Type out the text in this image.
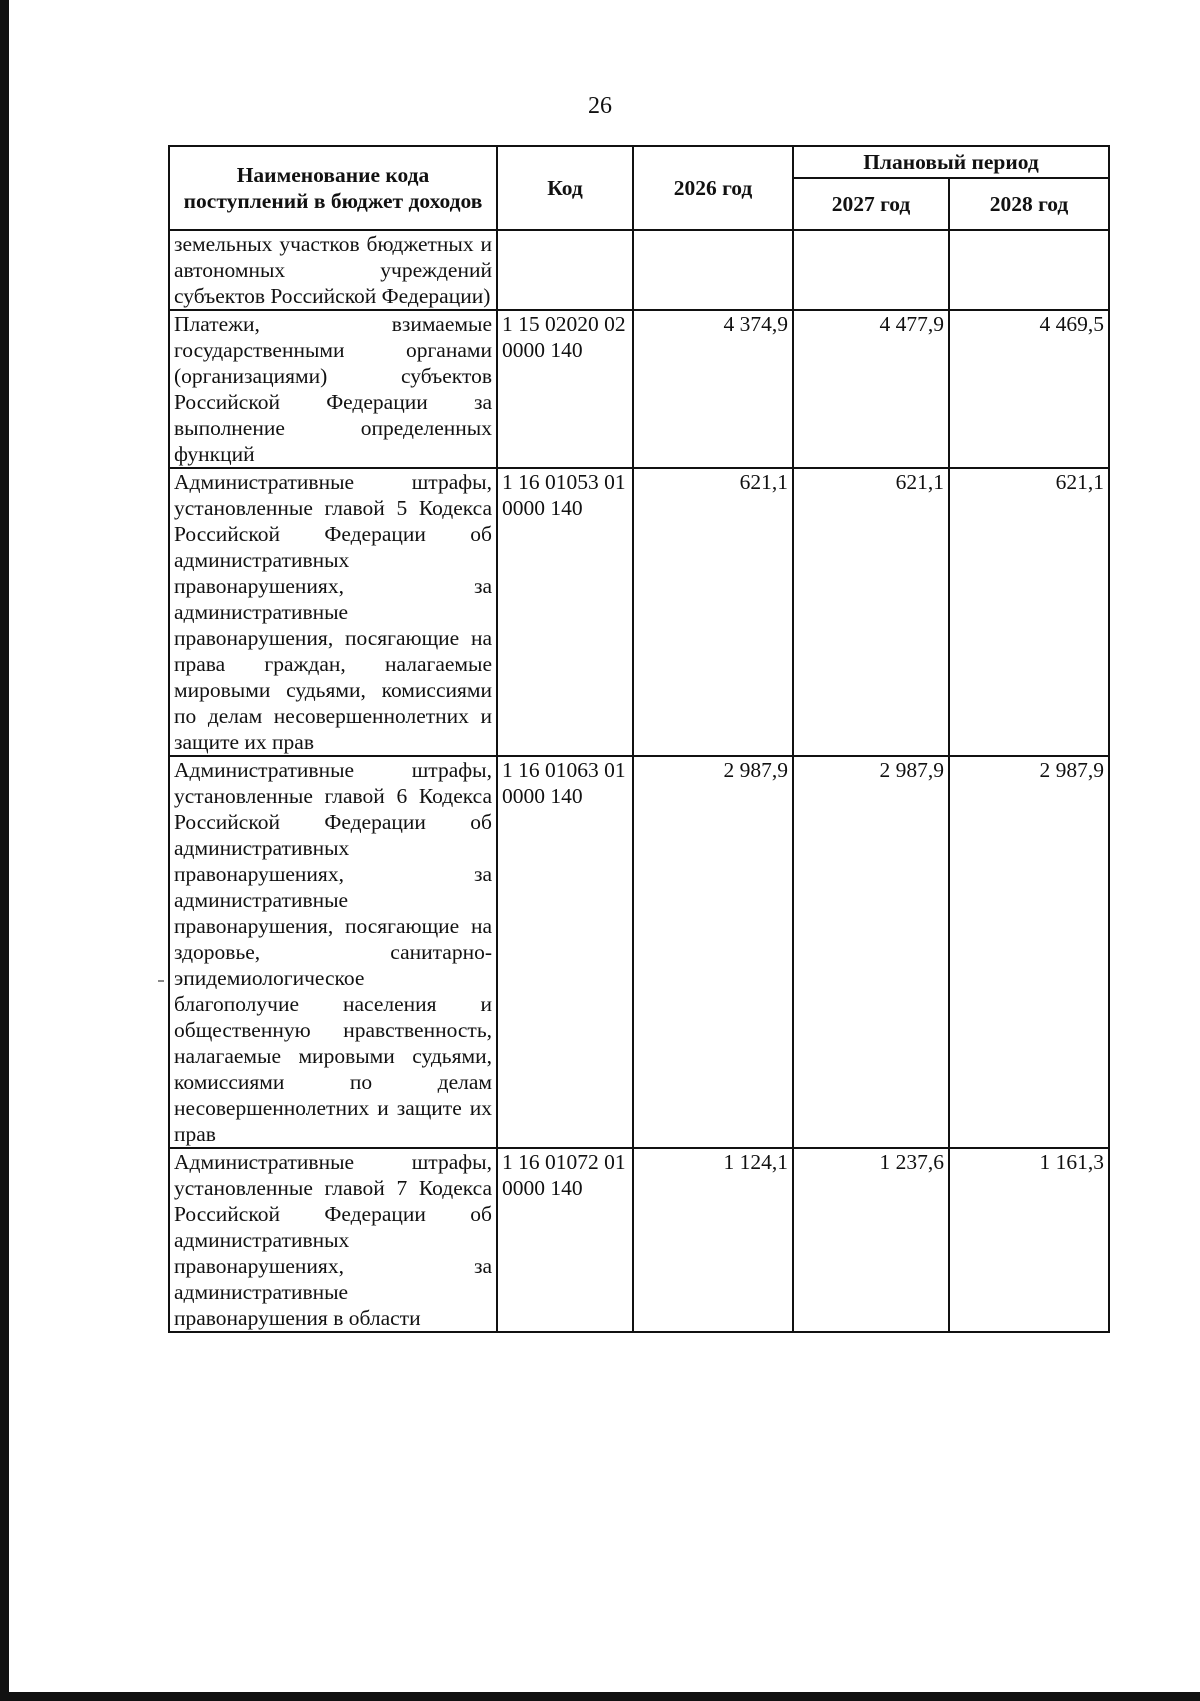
26
Наименование кода поступлений в бюджет доходов	Код	2026 год	Плановый период	
			2027 год	2028 год
земельных участков бюджетных и автономных учреждений субъектов Российской Федерации)				
Платежи, взимаемые государственными органами (организациями) субъектов Российской Федерации за выполнение определенных функций	1 15 02020 02 0000 140	4 374,9	4 477,9	4 469,5
Административные штрафы, установленные главой 5 Кодекса Российской Федерации об административных правонарушениях, за административные правонарушения, посягающие на права граждан, налагаемые мировыми судьями, комиссиями по делам несовершеннолетних и защите их прав	1 16 01053 01 0000 140	621,1	621,1	621,1
Административные штрафы, установленные главой 6 Кодекса Российской Федерации об административных правонарушениях, за административные правонарушения, посягающие на здоровье, санитарно-эпидемиологическое благополучие населения и общественную нравственность, налагаемые мировыми судьями, комиссиями по делам несовершеннолетних и защите их прав	1 16 01063 01 0000 140	2 987,9	2 987,9	2 987,9
Административные штрафы, установленные главой 7 Кодекса Российской Федерации об административных правонарушениях, за административные правонарушения в области	1 16 01072 01 0000 140	1 124,1	1 237,6	1 161,3
